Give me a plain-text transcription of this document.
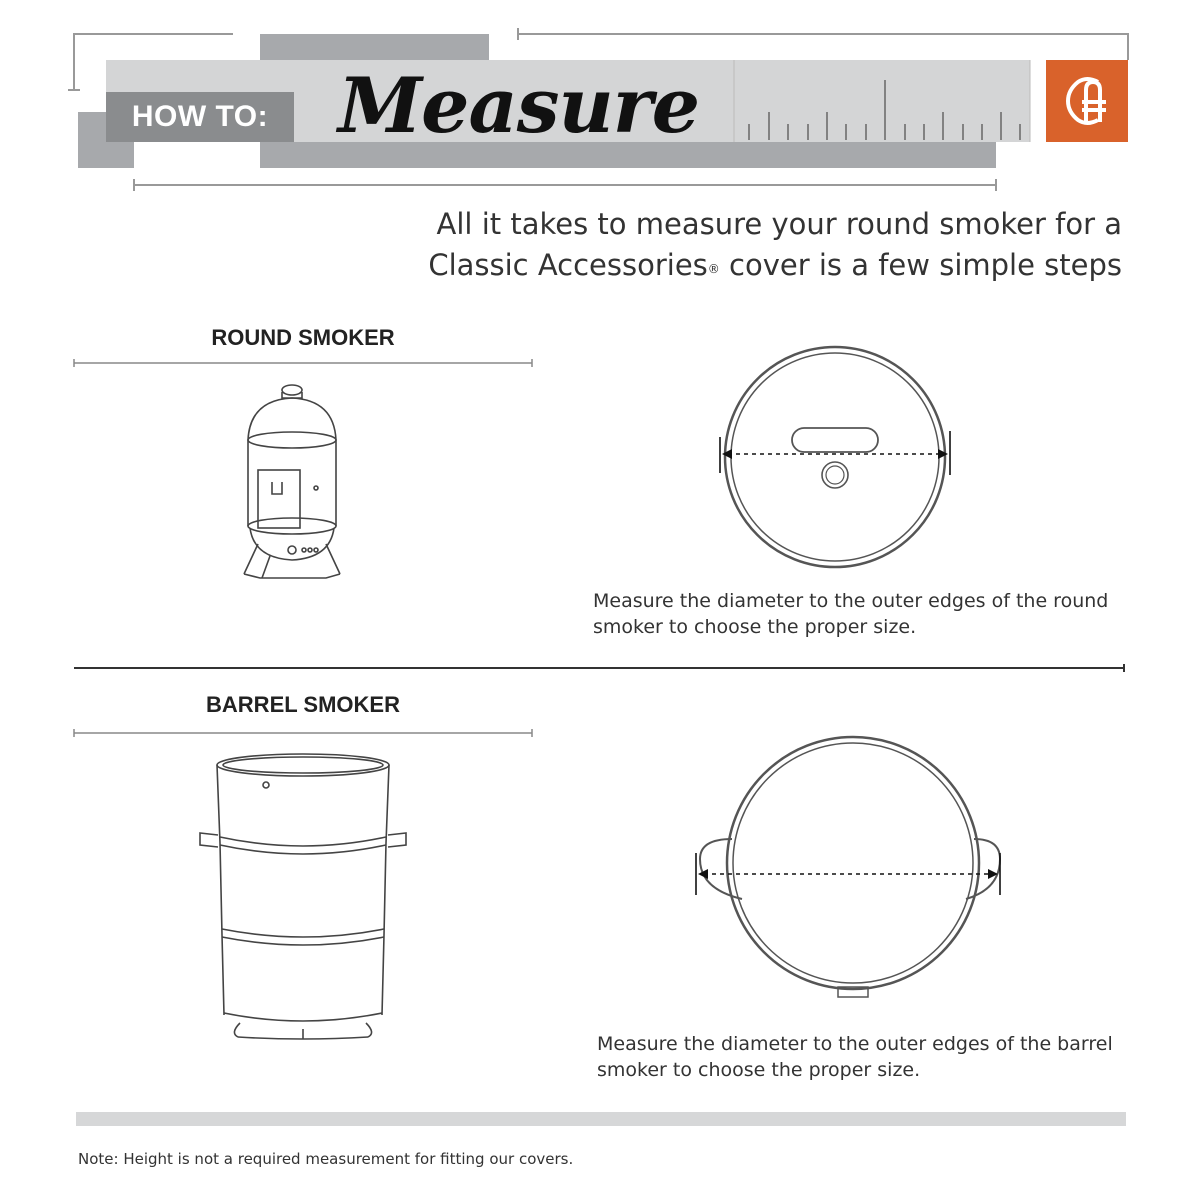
HOW TO: Measure
All it takes to measure your round smoker for a
Classic Accessories® cover is a few simple steps
ROUND SMOKER
Measure the diameter to the outer edges of the round
smoker to choose the proper size.
BARREL SMOKER
Measure the diameter to the outer edges of the barrel
smoker to choose the proper size.
Note: Height is not a required measurement for fitting our covers.
